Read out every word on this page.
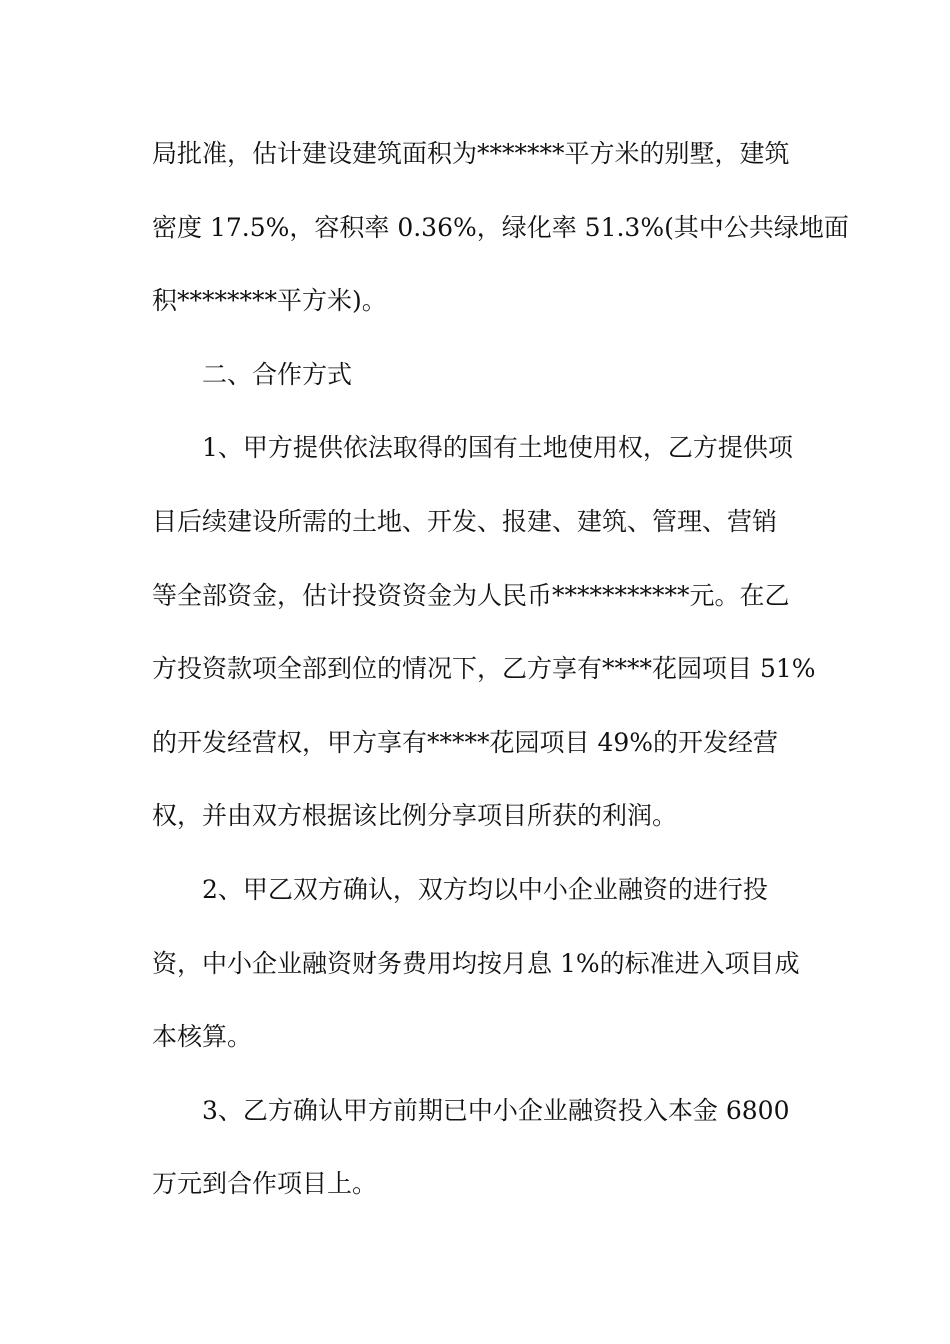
局批准，估计建设建筑面积为*******平方米的别墅，建筑
密度 17.5%，容积率 0.36%，绿化率 51.3%(其中公共绿地面
积********平方米)。
二、合作方式
1、甲方提供依法取得的国有土地使用权，乙方提供项
目后续建设所需的土地、开发、报建、建筑、管理、营销
等全部资金，估计投资资金为人民币***********元。在乙
方投资款项全部到位的情况下，乙方享有****花园项目 51%
的开发经营权，甲方享有*****花园项目 49%的开发经营
权，并由双方根据该比例分享项目所获的利润。
2、甲乙双方确认，双方均以中小企业融资的进行投
资，中小企业融资财务费用均按月息 1%的标准进入项目成
本核算。
3、乙方确认甲方前期已中小企业融资投入本金 6800
万元到合作项目上。
